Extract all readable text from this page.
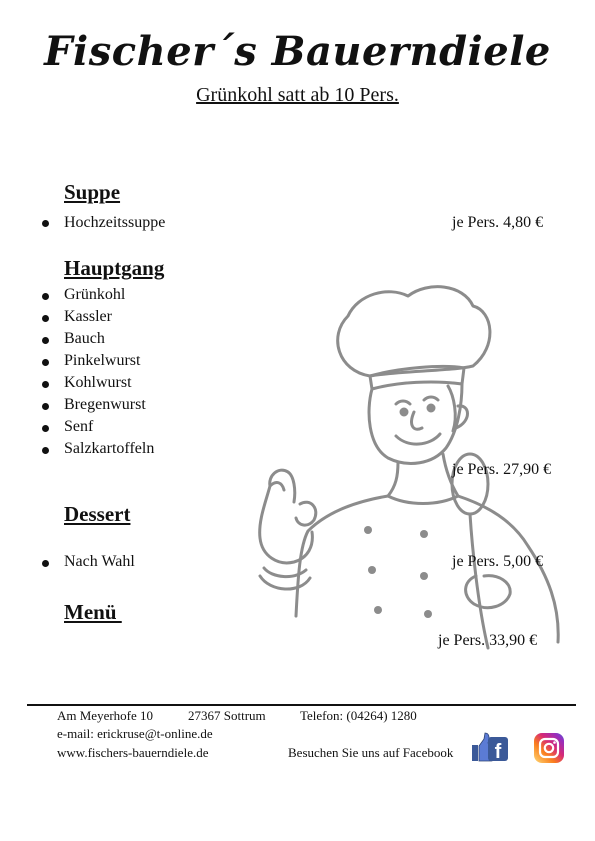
Fischer´s Bauerndiele
Grünkohl satt ab 10 Pers.
Suppe
Hochzeitssuppe	je Pers. 4,80 €
Hauptgang
Grünkohl
Kassler
Bauch
Pinkelwurst
Kohlwurst
Bregenwurst
Senf
Salzkartoffeln
je Pers. 27,90 €
Dessert
Nach Wahl	je Pers. 5,00 €
Menü
je Pers. 33,90 €
Am Meyerhofe 10	27367 Sottrum	Telefon: (04264) 1280
e-mail: erickruse@t-online.de
www.fischers-bauerndiele.de	Besuchen Sie uns auf Facebook f
